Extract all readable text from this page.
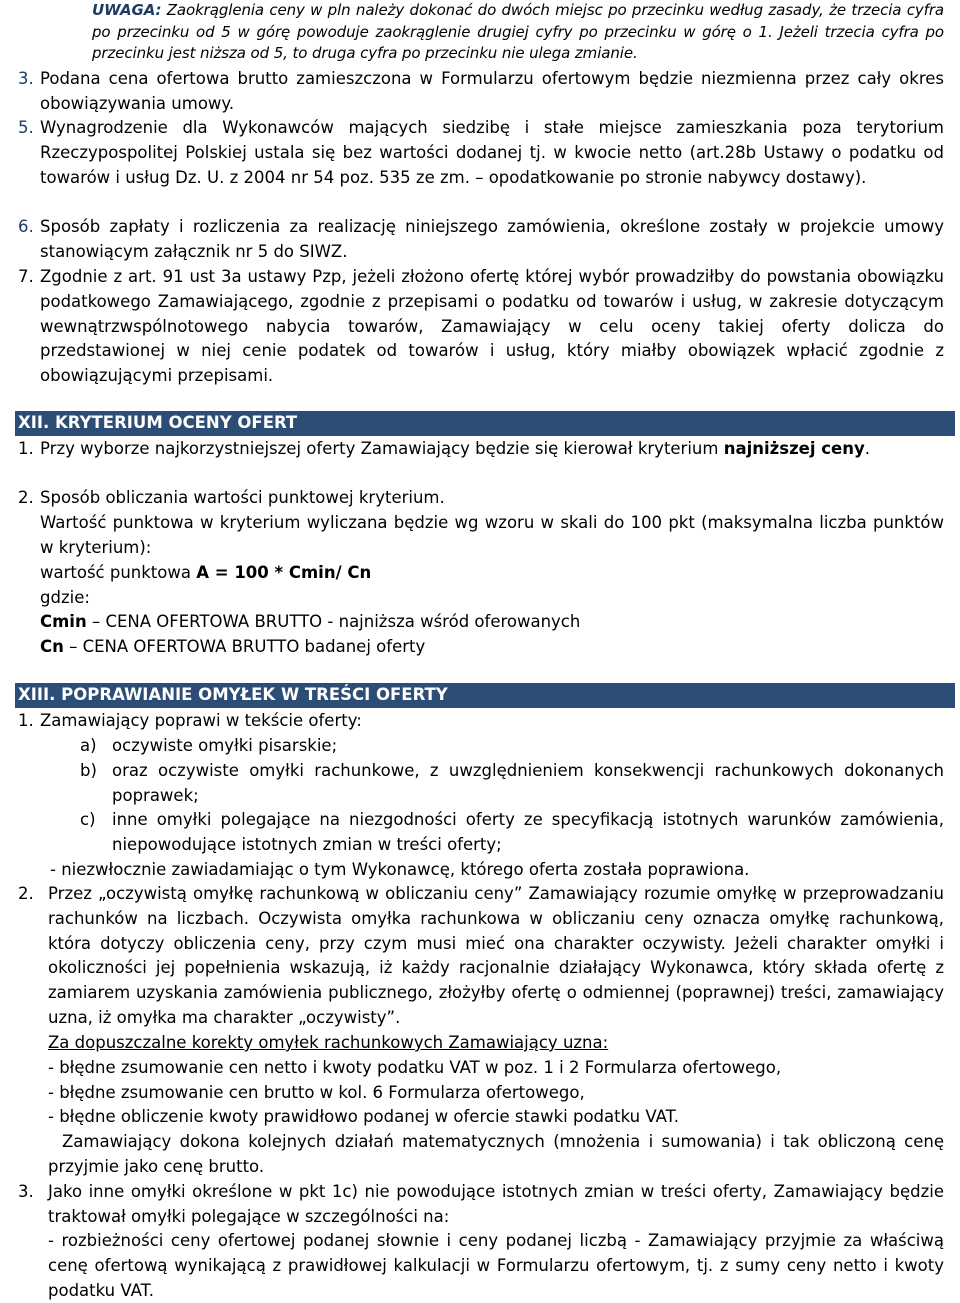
UWAGA: Zaokrąglenia ceny w pln należy dokonać do dwóch miejsc po przecinku według zasady, że trzecia cyfra po przecinku od 5 w górę powoduje zaokrąglenie drugiej cyfry po przecinku w górę o 1. Jeżeli trzecia cyfra po przecinku jest niższa od 5, to druga cyfra po przecinku nie ulega zmianie.
3. Podana cena ofertowa brutto zamieszczona w Formularzu ofertowym będzie niezmienna przez cały okres obowiązywania umowy.
5. Wynagrodzenie dla Wykonawców mających siedzibę i stałe miejsce zamieszkania poza terytorium Rzeczypospolitej Polskiej ustala się bez wartości dodanej tj. w kwocie netto (art.28b Ustawy o podatku od towarów i usług Dz. U. z 2004 nr 54 poz. 535 ze zm. – opodatkowanie po stronie nabywcy dostawy).
6. Sposób zapłaty i rozliczenia za realizację niniejszego zamówienia, określone zostały w projekcie umowy stanowiącym załącznik nr 5 do SIWZ.
7. Zgodnie z art. 91 ust 3a ustawy Pzp, jeżeli złożono ofertę której wybór prowadziłby do powstania obowiązku podatkowego Zamawiającego, zgodnie z przepisami o podatku od towarów i usług, w zakresie dotyczącym wewnątrzwspólnotowego nabycia towarów, Zamawiający w celu oceny takiej oferty dolicza do przedstawionej w niej cenie podatek od towarów i usług, który miałby obowiązek wpłacić zgodnie z obowiązującymi przepisami.
XII. KRYTERIUM OCENY OFERT
1. Przy wyborze najkorzystniejszej oferty Zamawiający będzie się kierował kryterium najniższej ceny.
2. Sposób obliczania wartości punktowej kryterium.
Wartość punktowa w kryterium wyliczana będzie wg wzoru w skali do 100 pkt (maksymalna liczba punktów w kryterium):
wartość punktowa A = 100 * Cmin/ Cn
gdzie:
Cmin – CENA OFERTOWA BRUTTO - najniższa wśród oferowanych
Cn – CENA OFERTOWA BRUTTO badanej oferty
XIII. POPRAWIANIE OMYŁEK W TREŚCI OFERTY
1. Zamawiający poprawi w tekście oferty:
a) oczywiste omyłki pisarskie;
b) oraz oczywiste omyłki rachunkowe, z uwzględnieniem konsekwencji rachunkowych dokonanych poprawek;
c) inne omyłki polegające na niezgodności oferty ze specyfikacją istotnych warunków zamówienia, niepowodujące istotnych zmian w treści oferty;
- niezwłocznie zawiadamiając o tym Wykonawcę, którego oferta została poprawiona.
2. Przez „oczywistą omyłkę rachunkową w obliczaniu ceny” Zamawiający rozumie omyłkę w przeprowadzaniu rachunków na liczbach. Oczywista omyłka rachunkowa w obliczaniu ceny oznacza omyłkę rachunkową, która dotyczy obliczenia ceny, przy czym musi mieć ona charakter oczywisty. Jeżeli charakter omyłki i okoliczności jej popełnienia wskazują, iż każdy racjonalnie działający Wykonawca, który składa ofertę z zamiarem uzyskania zamówienia publicznego, złożyłby ofertę o odmiennej (poprawnej) treści, zamawiający uzna, iż omyłka ma charakter „oczywisty”.
Za dopuszczalne korekty omyłek rachunkowych Zamawiający uzna:
- błędne zsumowanie cen netto i kwoty podatku VAT w poz. 1 i 2 Formularza ofertowego,
- błędne zsumowanie cen brutto w kol. 6 Formularza ofertowego,
- błędne obliczenie kwoty prawidłowo podanej w ofercie stawki podatku VAT.
Zamawiający dokona kolejnych działań matematycznych (mnożenia i sumowania) i tak obliczoną cenę przyjmie jako cenę brutto.
3. Jako inne omyłki określone w pkt 1c) nie powodujące istotnych zmian w treści oferty, Zamawiający będzie traktował omyłki polegające w szczególności na:
- rozbieżności ceny ofertowej podanej słownie i ceny podanej liczbą - Zamawiający przyjmie za właściwą cenę ofertową wynikającą z prawidłowej kalkulacji w Formularzu ofertowym, tj. z sumy ceny netto i kwoty podatku VAT.
